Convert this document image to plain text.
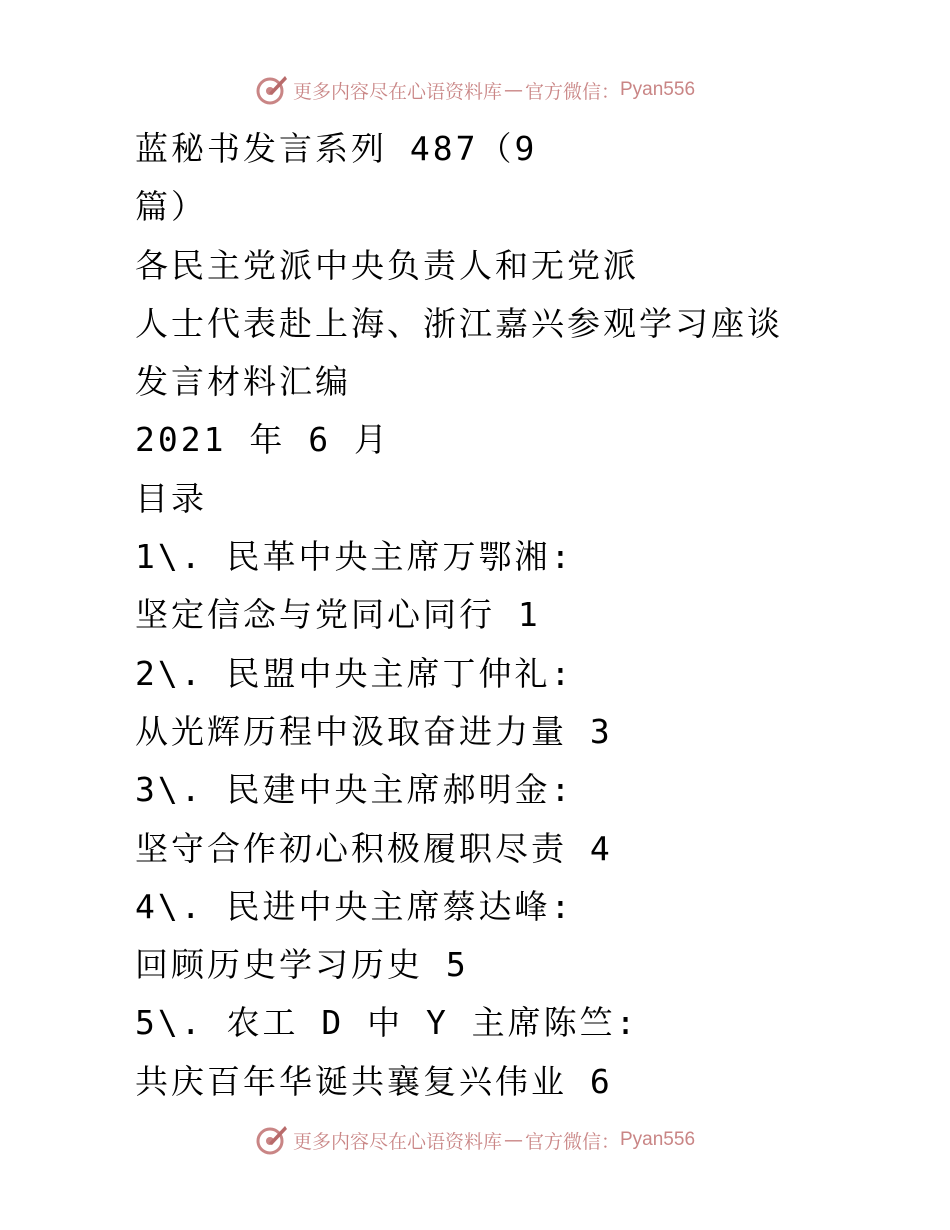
更多内容尽在心语资料库 — 官方微信： Pyan556
蓝秘书发言系列 487（9
篇）
各民主党派中央负责人和无党派
人士代表赴上海、浙江嘉兴参观学习座谈
发言材料汇编
2021 年 6 月
目录
1\. 民革中央主席万鄂湘:
坚定信念与党同心同行 1
2\. 民盟中央主席丁仲礼:
从光辉历程中汲取奋进力量 3
3\. 民建中央主席郝明金:
坚守合作初心积极履职尽责 4
4\. 民进中央主席蔡达峰:
回顾历史学习历史 5
5\. 农工 D 中 Y 主席陈竺:
共庆百年华诞共襄复兴伟业 6
更多内容尽在心语资料库 — 官方微信： Pyan556
